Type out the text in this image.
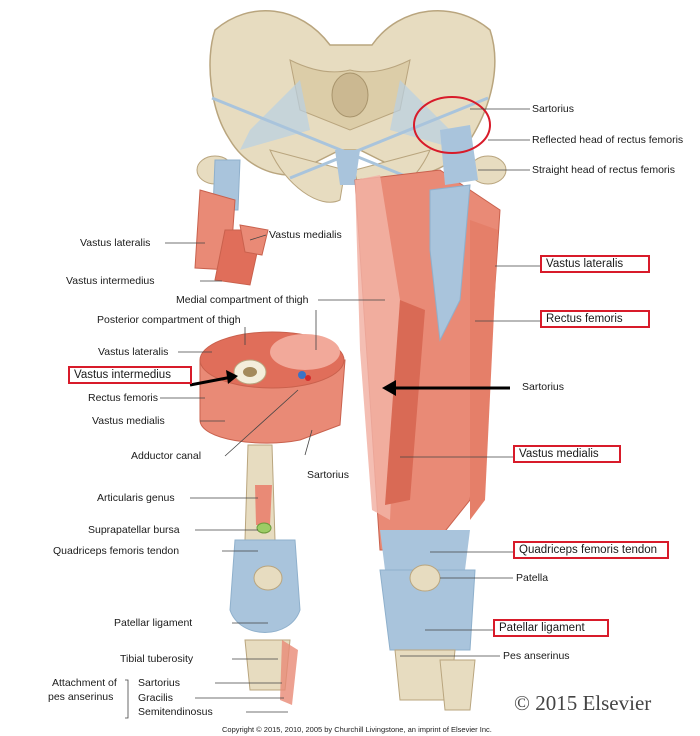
Sartorius
Reflected head of rectus femoris
Straight head of rectus femoris
Vastus lateralis
Rectus femoris
Sartorius
Vastus medialis
Quadriceps femoris tendon
Patella
Patellar ligament
Pes anserinus
Vastus lateralis
Vastus medialis
Vastus intermedius
Medial compartment of thigh
Posterior compartment of thigh
Vastus lateralis
Vastus intermedius
Rectus femoris
Vastus medialis
Adductor canal
Sartorius
Articularis genus
Suprapatellar bursa
Quadriceps femoris tendon
Patellar ligament
Tibial tuberosity
Attachment of
pes anserinus
Sartorius
Gracilis
Semitendinosus	© 2015 Elsevier
Copyright © 2015, 2010, 2005 by Churchill Livingstone, an imprint of Elsevier Inc.
